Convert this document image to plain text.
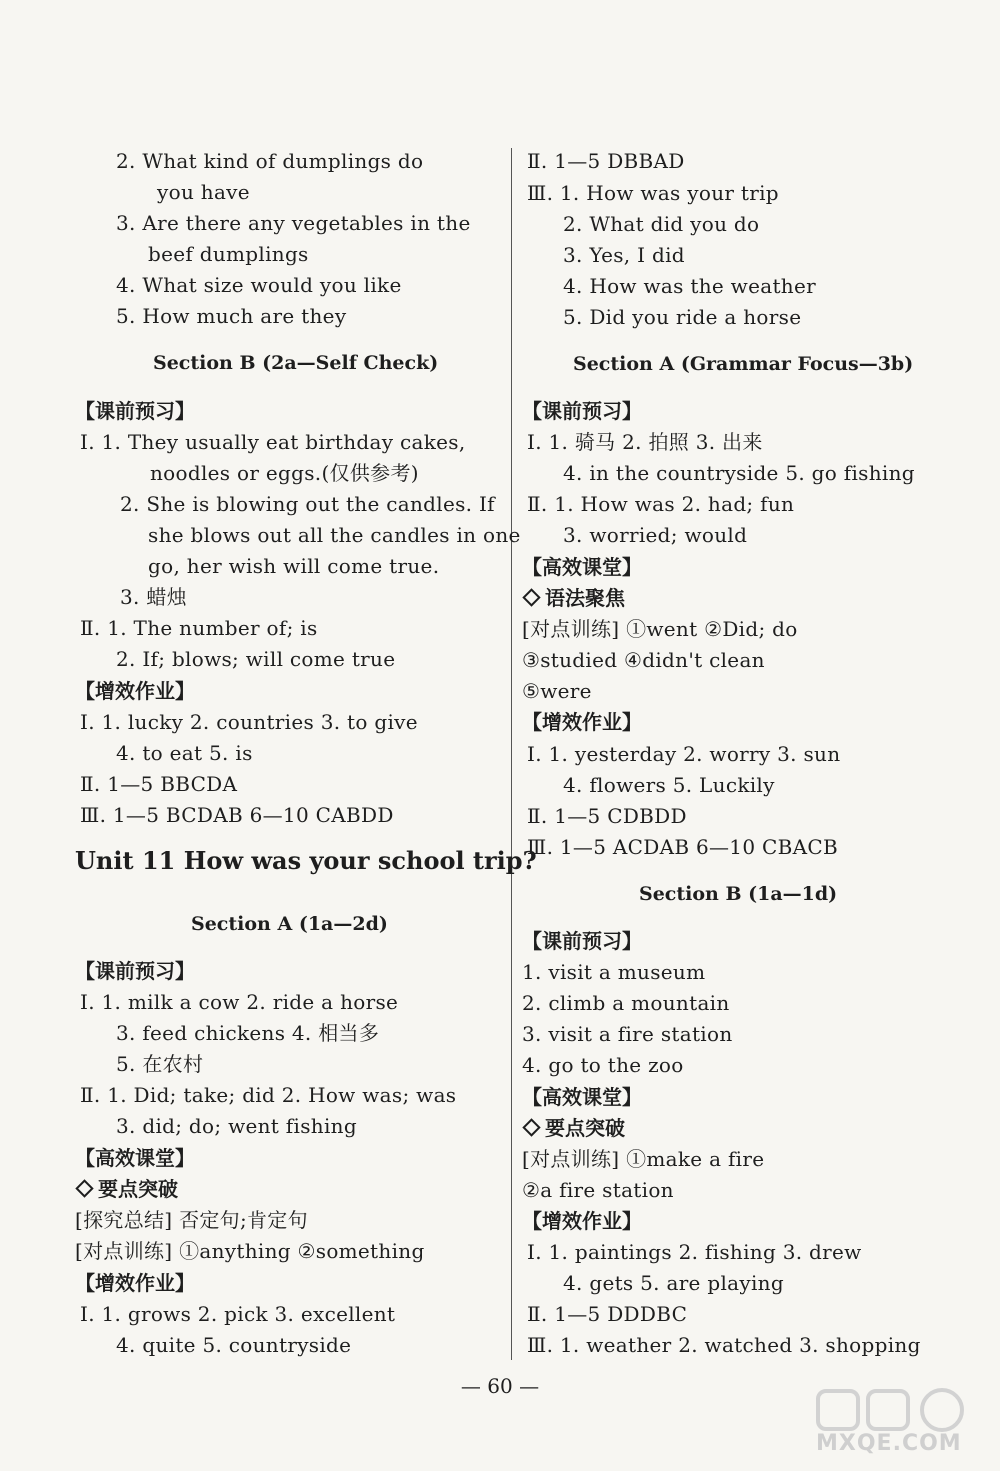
Section B (2a—Self Check)
【课前预习】
【增效作业】
Unit 11 How was your school trip?
Section A (1a—2d)
【课前预习】
【高效课堂】
要点突破
【增效作业】
2. What kind of dumplings do
you have
3. Are there any vegetables in the
beef dumplings
4. What size would you like
5. How much are they
Ⅰ. 1. They usually eat birthday cakes,
noodles or eggs.(仅供参考)
2. She is blowing out the candles. If
she blows out all the candles in one
go, her wish will come true.
3. 蜡烛
Ⅱ. 1. The number of; is
2. If; blows; will come true
Ⅰ. 1. lucky 2. countries 3. to give
4. to eat 5. is
Ⅱ. 1—5 BBCDA
Ⅲ. 1—5 BCDAB 6—10 CABDD
Ⅰ. 1. milk a cow 2. ride a horse
3. feed chickens 4. 相当多
5. 在农村
Ⅱ. 1. Did; take; did 2. How was; was
3. did; do; went fishing
[探究总结] 否定句;肯定句
[对点训练] ①anything ②something
Ⅰ. 1. grows 2. pick 3. excellent
4. quite 5. countryside
Section A (Grammar Focus—3b)
【课前预习】
【高效课堂】
语法聚焦
【增效作业】
Section B (1a—1d)
【课前预习】
【高效课堂】
要点突破
【增效作业】
Ⅱ. 1—5 DBBAD
Ⅲ. 1. How was your trip
2. What did you do
3. Yes, I did
4. How was the weather
5. Did you ride a horse
Ⅰ. 1. 骑马 2. 拍照 3. 出来
4. in the countryside 5. go fishing
Ⅱ. 1. How was 2. had; fun
3. worried; would
[对点训练] ①went ②Did; do
③studied ④didn't clean
⑤were
Ⅰ. 1. yesterday 2. worry 3. sun
4. flowers 5. Luckily
Ⅱ. 1—5 CDBDD
Ⅲ. 1—5 ACDAB 6—10 CBACB
1. visit a museum
2. climb a mountain
3. visit a fire station
4. go to the zoo
[对点训练] ①make a fire
②a fire station
Ⅰ. 1. paintings 2. fishing 3. drew
4. gets 5. are playing
Ⅱ. 1—5 DDDBC
Ⅲ. 1. weather 2. watched 3. shopping
— 60 —
MXQE.COM
